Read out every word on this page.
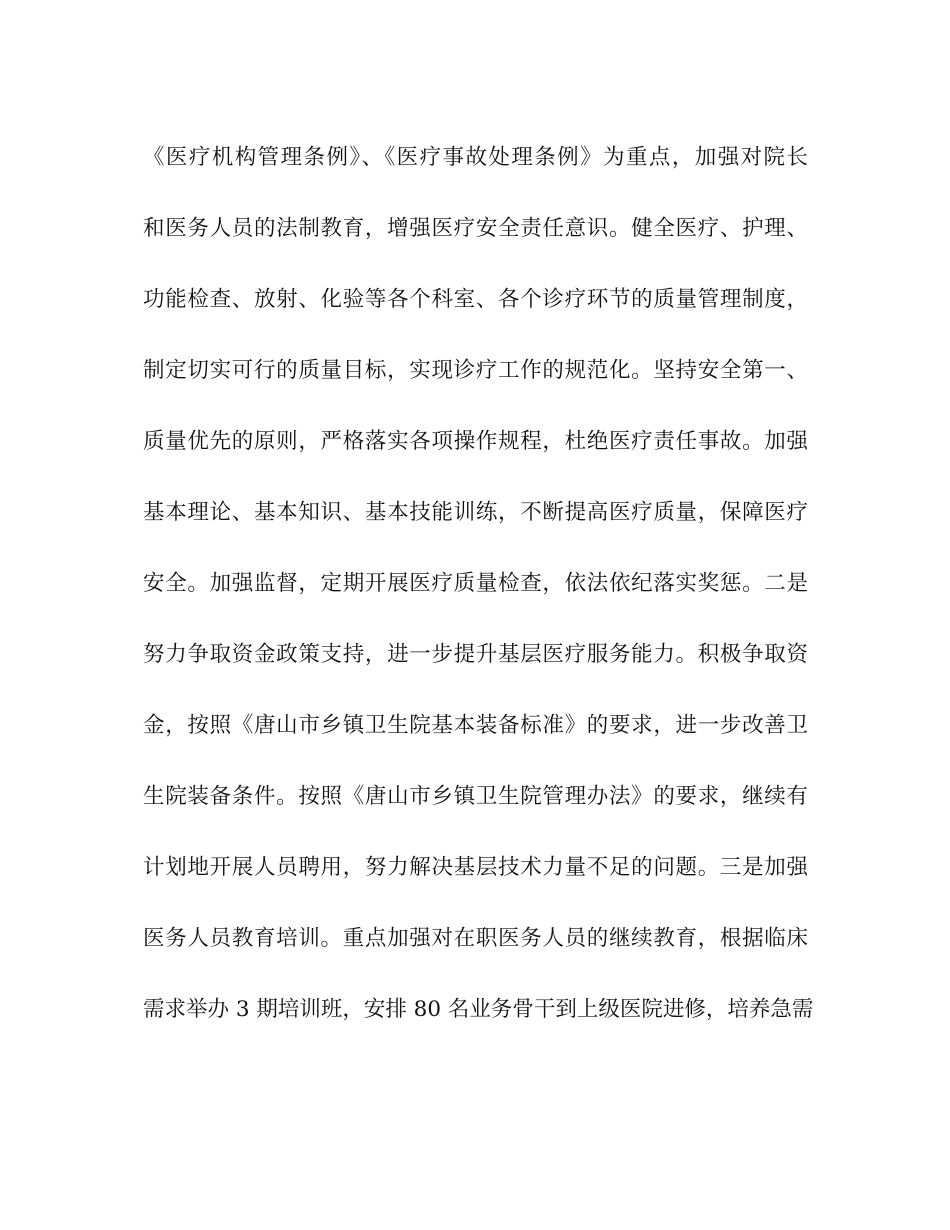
《医疗机构管理条例》、《医疗事故处理条例》为重点，加强对院长
和医务人员的法制教育，增强医疗安全责任意识。健全医疗、护理、
功能检查、放射、化验等各个科室、各个诊疗环节的质量管理制度，
制定切实可行的质量目标，实现诊疗工作的规范化。坚持安全第一、
质量优先的原则，严格落实各项操作规程，杜绝医疗责任事故。加强
基本理论、基本知识、基本技能训练，不断提高医疗质量，保障医疗
安全。加强监督，定期开展医疗质量检查，依法依纪落实奖惩。二是
努力争取资金政策支持，进一步提升基层医疗服务能力。积极争取资
金，按照《唐山市乡镇卫生院基本装备标准》的要求，进一步改善卫
生院装备条件。按照《唐山市乡镇卫生院管理办法》的要求，继续有
计划地开展人员聘用，努力解决基层技术力量不足的问题。三是加强
医务人员教育培训。重点加强对在职医务人员的继续教育，根据临床
需求举办 3 期培训班，安排 80 名业务骨干到上级医院进修，培养急需
